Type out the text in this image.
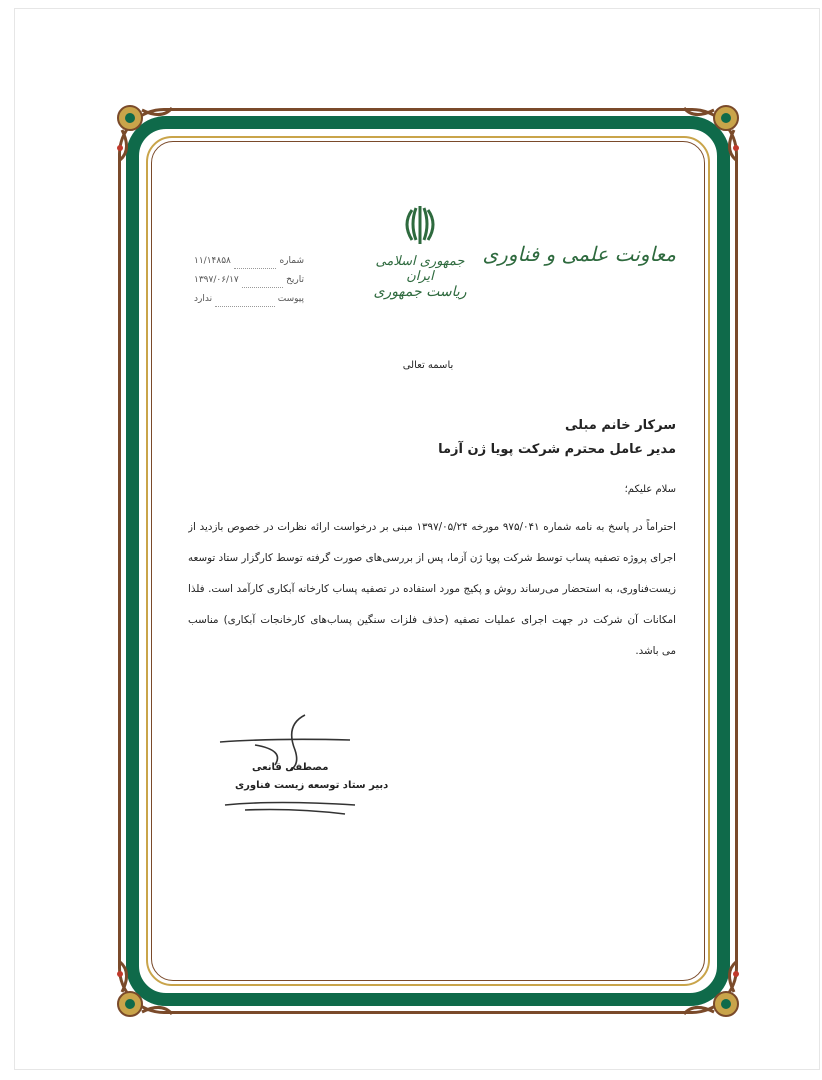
معاونت علمی و فناوری
جمهوری اسلامی ایران
ریاست جمهوری
شماره
۱۱/۱۴۸۵۸
تاریخ
۱۳۹۷/۰۶/۱۷
پیوست
ندارد
باسمه تعالی
سرکار خانم مبلی
مدیر عامل محترم شرکت پویا ژن آزما
سلام علیکم؛
احتراماً در پاسخ به نامه شماره ۹۷۵/۰۴۱ مورخه ۱۳۹۷/۰۵/۲۴ مبنی بر درخواست ارائه نظرات در خصوص بازدید از
اجرای پروژه تصفیه پساب توسط شرکت پویا ژن آزما، پس از بررسی‌های صورت گرفته توسط کارگزار ستاد توسعه
زیست‌فناوری، به استحضار می‌رساند روش و پکیج مورد استفاده در تصفیه پساب کارخانه آبکاری کارآمد است. فلذا
امکانات آن شرکت در جهت اجرای عملیات تصفیه (حذف فلزات سنگین پساب‌های کارخانجات آبکاری) مناسب
می باشد.
مصطفی قانعی
دبیر ستاد توسعه زیست فناوری
